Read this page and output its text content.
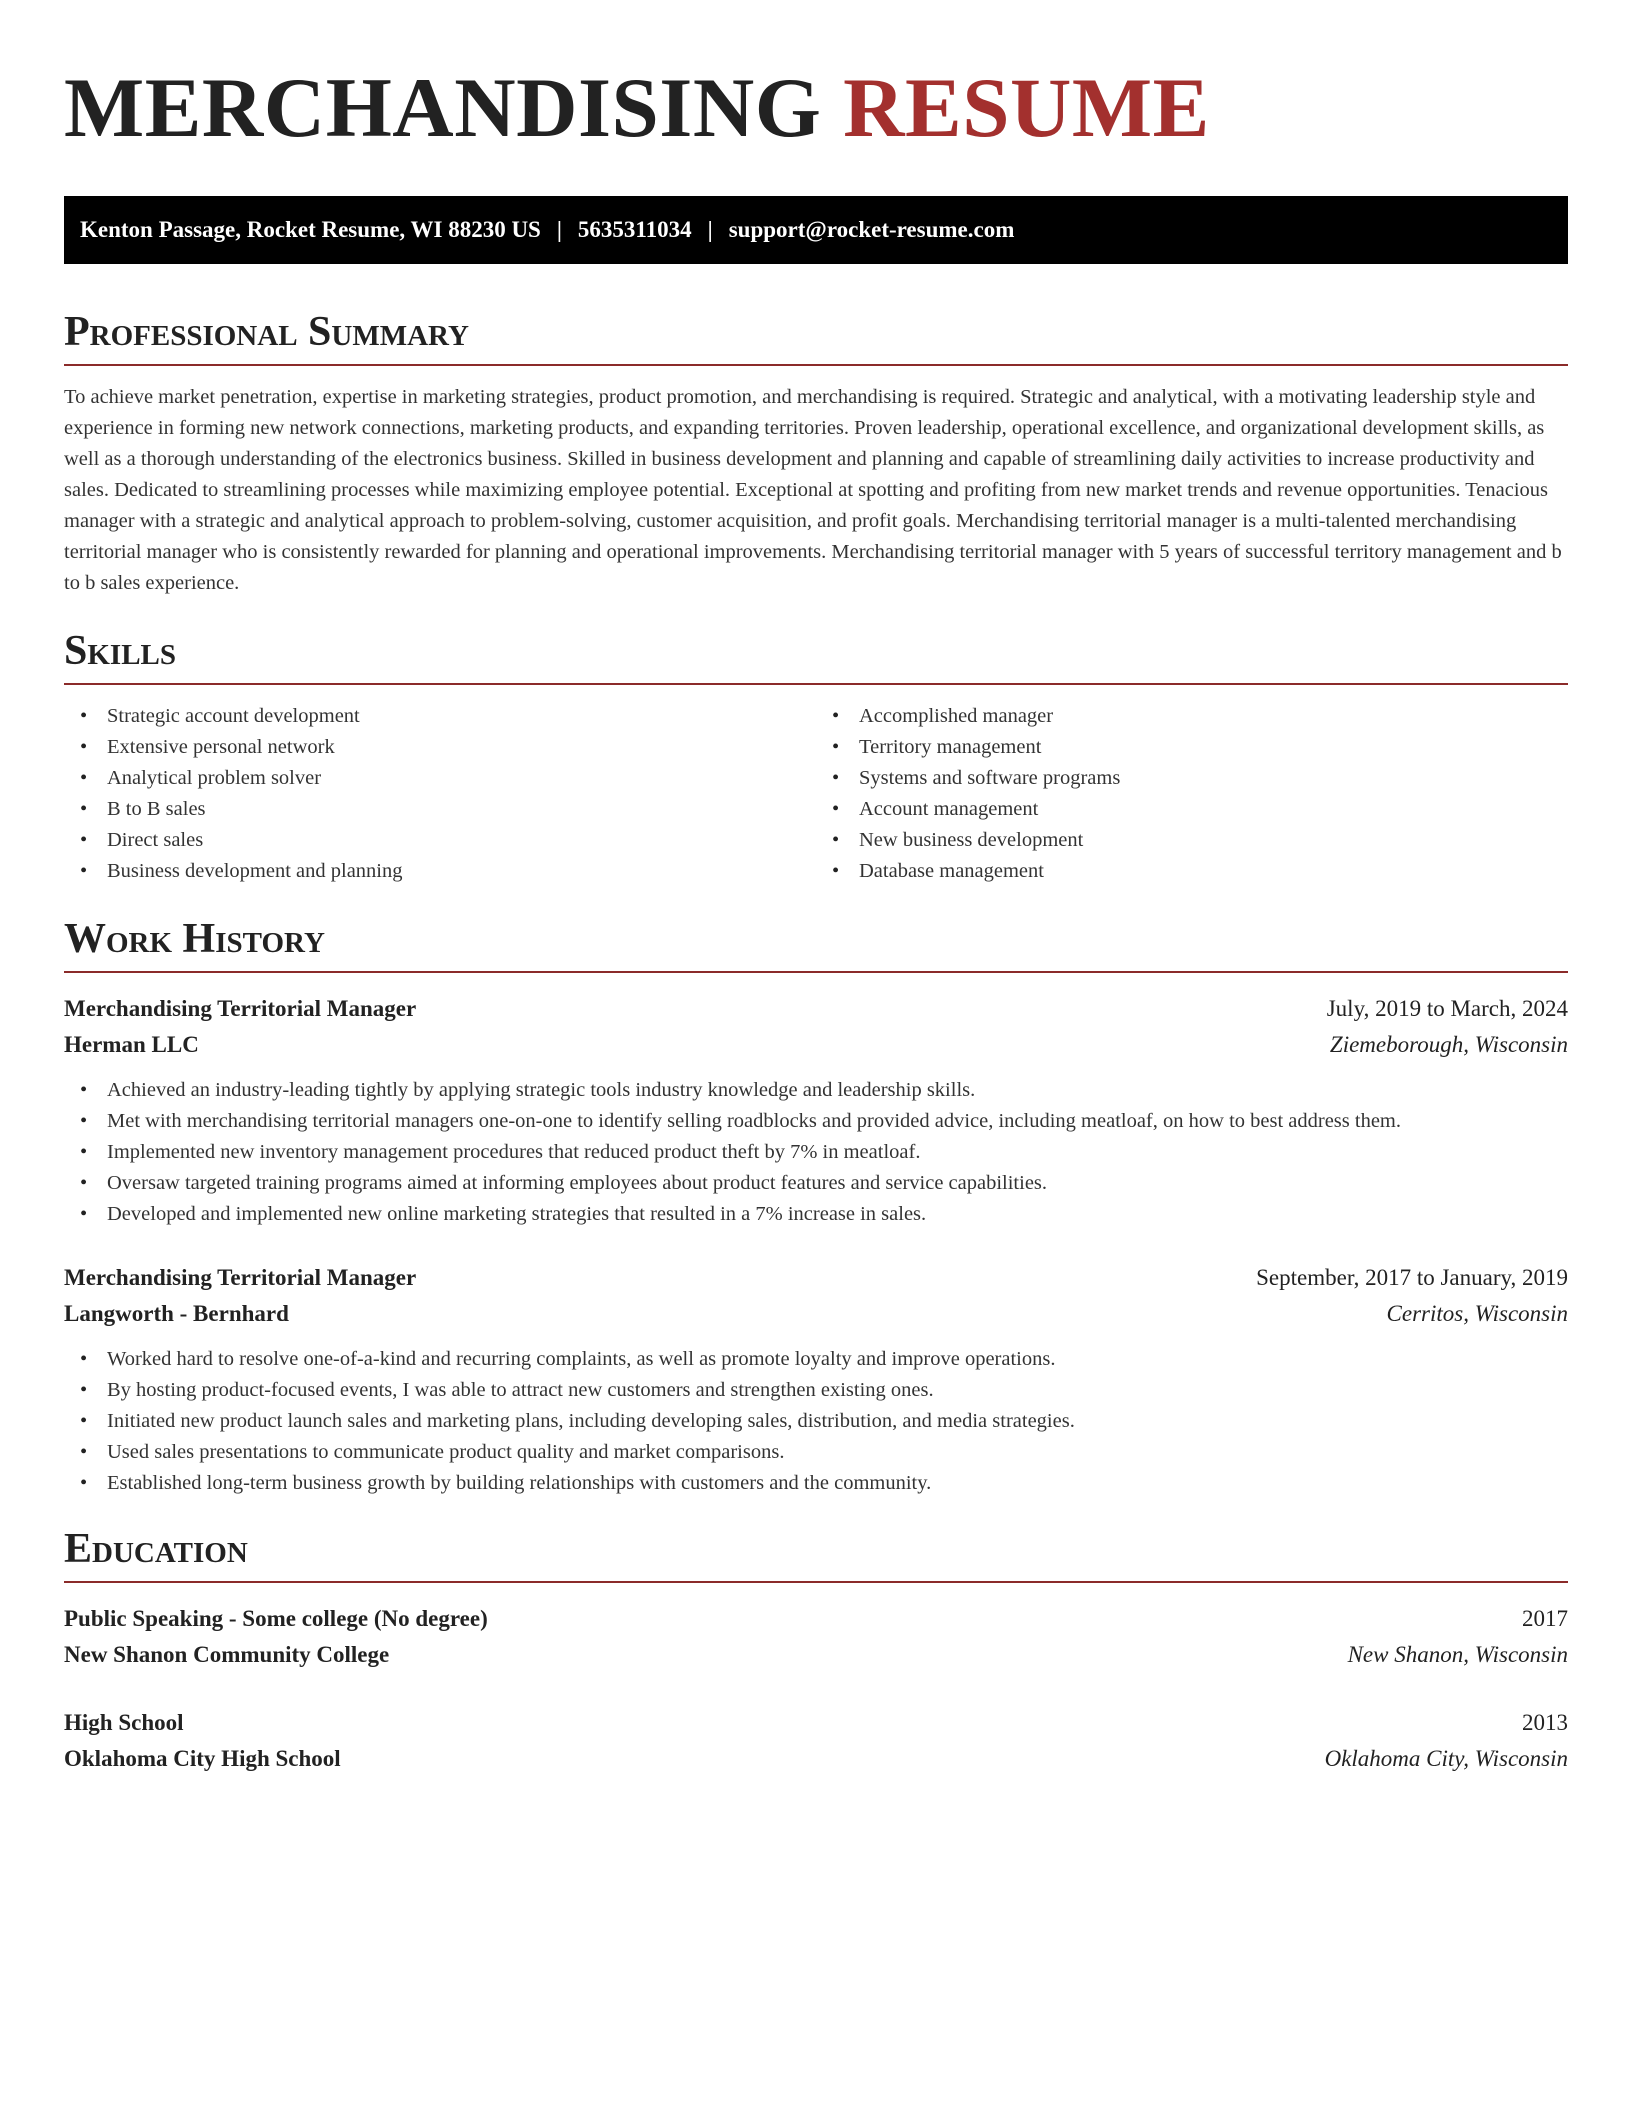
MERCHANDISING RESUME
Kenton Passage, Rocket Resume, WI 88230 US | 5635311034 | support@rocket-resume.com
Professional Summary

To achieve market penetration, expertise in marketing strategies, product promotion, and merchandising is required. Strategic and analytical, with a motivating leadership style and experience in forming new network connections, marketing products, and expanding territories. Proven leadership, operational excellence, and organizational development skills, as well as a thorough understanding of the electronics business. Skilled in business development and planning and capable of streamlining daily activities to increase productivity and sales. Dedicated to streamlining processes while maximizing employee potential. Exceptional at spotting and profiting from new market trends and revenue opportunities. Tenacious manager with a strategic and analytical approach to problem-solving, customer acquisition, and profit goals. Merchandising territorial manager is a multi-talented merchandising territorial manager who is consistently rewarded for planning and operational improvements. Merchandising territorial manager with 5 years of successful territory management and b to b sales experience.

Skills
• Strategic account development
• Extensive personal network
• Analytical problem solver
• B to B sales
• Direct sales
• Business development and planning
• Accomplished manager
• Territory management
• Systems and software programs
• Account management
• New business development
• Database management
Work History
Merchandising Territorial Manager	July, 2019 to March, 2024
Herman LLC	Ziemeborough, Wisconsin
• Achieved an industry-leading tightly by applying strategic tools industry knowledge and leadership skills.
• Met with merchandising territorial managers one-on-one to identify selling roadblocks and provided advice, including meatloaf, on how to best address them.
• Implemented new inventory management procedures that reduced product theft by 7% in meatloaf.
• Oversaw targeted training programs aimed at informing employees about product features and service capabilities.
• Developed and implemented new online marketing strategies that resulted in a 7% increase in sales.
Merchandising Territorial Manager	September, 2017 to January, 2019
Langworth - Bernhard	Cerritos, Wisconsin
• Worked hard to resolve one-of-a-kind and recurring complaints, as well as promote loyalty and improve operations.
• By hosting product-focused events, I was able to attract new customers and strengthen existing ones.
• Initiated new product launch sales and marketing plans, including developing sales, distribution, and media strategies.
• Used sales presentations to communicate product quality and market comparisons.
• Established long-term business growth by building relationships with customers and the community.
Education
Public Speaking - Some college (No degree)	2017
New Shanon Community College	New Shanon, Wisconsin
High School	2013
Oklahoma City High School	Oklahoma City, Wisconsin
